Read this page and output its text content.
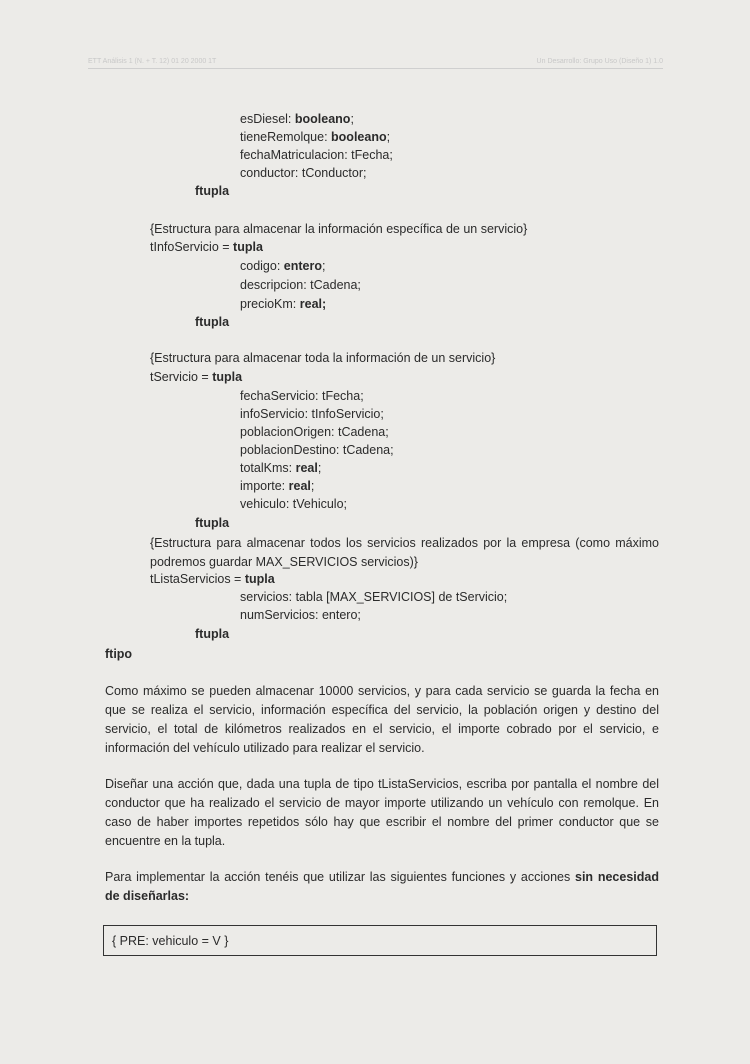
ETT Análisis 1 (N. + T. 12) 01 20 2000 1T	Un Desarrollo: Grupo Uso (Diseño 1) 1.0

esDiesel: booleano;

tieneRemolque: booleano;

fechaMatriculacion: tFecha;

conductor: tConductor;

ftupla

{Estructura para almacenar la información específica de un servicio}

tInfoServicio = tupla

codigo: entero;

descripcion: tCadena;

precioKm: real;

ftupla

{Estructura para almacenar toda la información de un servicio}

tServicio = tupla

fechaServicio: tFecha;

infoServicio: tInfoServicio;

poblacionOrigen: tCadena;

poblacionDestino: tCadena;

totalKms: real;

importe: real;

vehiculo: tVehiculo;

ftupla

{Estructura para almacenar todos los servicios realizados por la empresa (como máximo podremos guardar MAX_SERVICIOS servicios)}

tListaServicios = tupla

servicios: tabla [MAX_SERVICIOS] de tServicio;

numServicios: entero;

ftupla

ftipo

Como máximo se pueden almacenar 10000 servicios, y para cada servicio se guarda la fecha en que se realiza el servicio, información específica del servicio, la población origen y destino del servicio, el total de kilómetros realizados en el servicio, el importe cobrado por el servicio, e información del vehículo utilizado para realizar el servicio.

Diseñar una acción que, dada una tupla de tipo tListaServicios, escriba por pantalla el nombre del conductor que ha realizado el servicio de mayor importe utilizando un vehículo con remolque. En caso de haber importes repetidos sólo hay que escribir el nombre del primer conductor que se encuentre en la tupla.

Para implementar la acción tenéis que utilizar las siguientes funciones y acciones sin necesidad de diseñarlas:

{ PRE: vehiculo = V }
